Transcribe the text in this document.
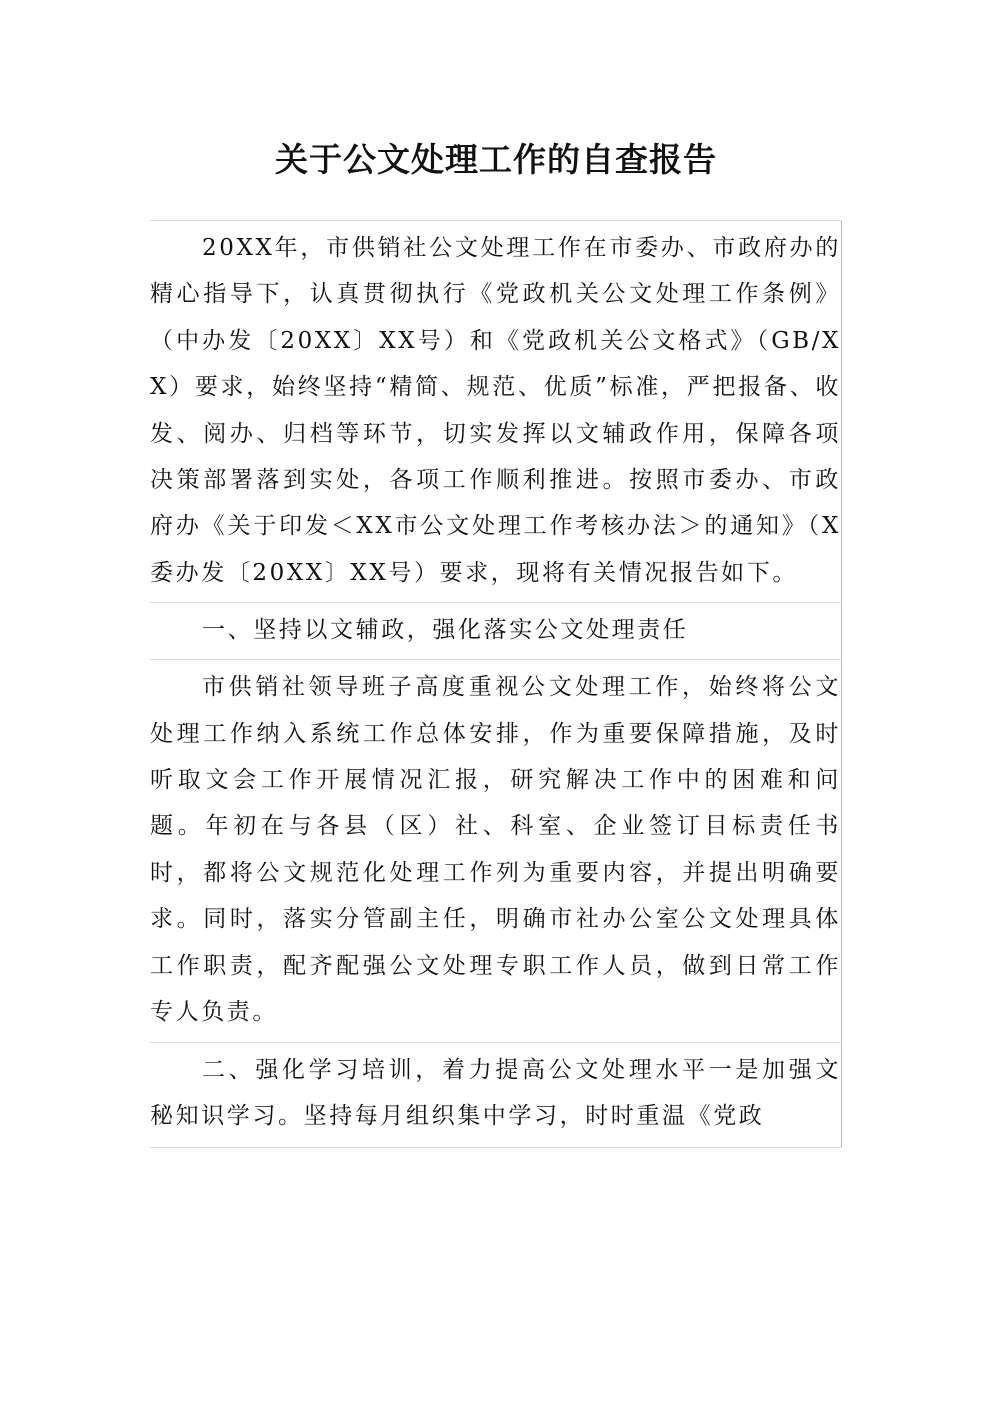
关于公文处理工作的自查报告

20XX年，市供销社公文处理工作在市委办、市政府办的精心指导下，认真贯彻执行《党政机关公文处理工作条例》（中办发〔20XX〕XX号）和《党政机关公文格式》（GB/XX）要求，始终坚持“精简、规范、优质”标准，严把报备、收发、阅办、归档等环节，切实发挥以文辅政作用，保障各项决策部署落到实处，各项工作顺利推进。按照市委办、市政府办《关于印发＜XX市公文处理工作考核办法＞的通知》（X委办发〔20XX〕XX号）要求，现将有关情况报告如下。

一、坚持以文辅政，强化落实公文处理责任

市供销社领导班子高度重视公文处理工作，始终将公文处理工作纳入系统工作总体安排，作为重要保障措施，及时听取文会工作开展情况汇报，研究解决工作中的困难和问题。年初在与各县（区）社、科室、企业签订目标责任书时，都将公文规范化处理工作列为重要内容，并提出明确要求。同时，落实分管副主任，明确市社办公室公文处理具体工作职责，配齐配强公文处理专职工作人员，做到日常工作专人负责。

二、强化学习培训，着力提高公文处理水平一是加强文秘知识学习。坚持每月组织集中学习，时时重温《党政
